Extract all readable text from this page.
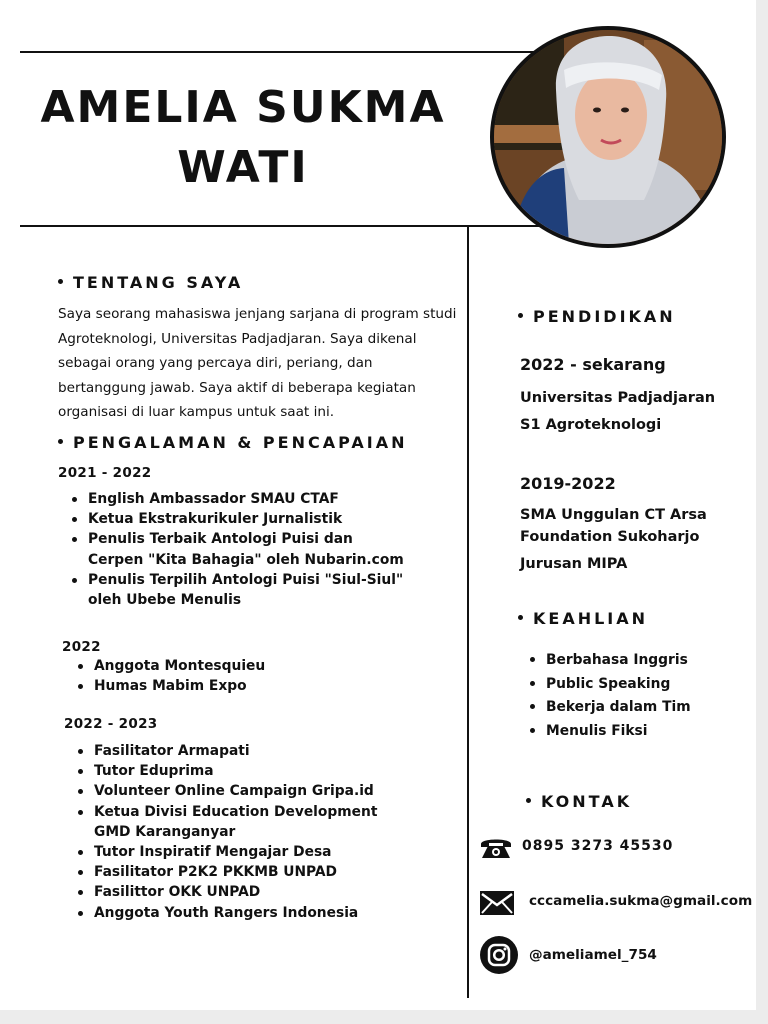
AMELIA SUKMA
WATI
TENTANG SAYA
Saya seorang mahasiswa jenjang sarjana di program studi Agroteknologi, Universitas Padjadjaran. Saya dikenal sebagai orang yang percaya diri, periang, dan bertanggung jawab. Saya aktif di beberapa kegiatan organisasi di luar kampus untuk saat ini.
PENGALAMAN & PENCAPAIAN
2021 - 2022
English Ambassador SMAU CTAF
Ketua Ekstrakurikuler Jurnalistik
Penulis Terbaik Antologi Puisi dan Cerpen "Kita Bahagia" oleh Nubarin.com
Penulis Terpilih Antologi Puisi "Siul-Siul" oleh Ubebe Menulis
2022
Anggota Montesquieu
Humas Mabim Expo
2022 - 2023
Fasilitator Armapati
Tutor Eduprima
Volunteer Online Campaign Gripa.id
Ketua Divisi Education Development GMD Karanganyar
Tutor Inspiratif Mengajar Desa
Fasilitator P2K2 PKKMB UNPAD
Fasilittor OKK UNPAD
Anggota Youth Rangers Indonesia
PENDIDIKAN
2022 - sekarang
Universitas Padjadjaran
S1 Agroteknologi
2019-2022
SMA Unggulan CT Arsa
Foundation Sukoharjo
Jurusan MIPA
KEAHLIAN
Berbahasa Inggris
Public Speaking
Bekerja dalam Tim
Menulis Fiksi
KONTAK
0895 3273 45530
cccamelia.sukma@gmail.com
@ameliamel_754
